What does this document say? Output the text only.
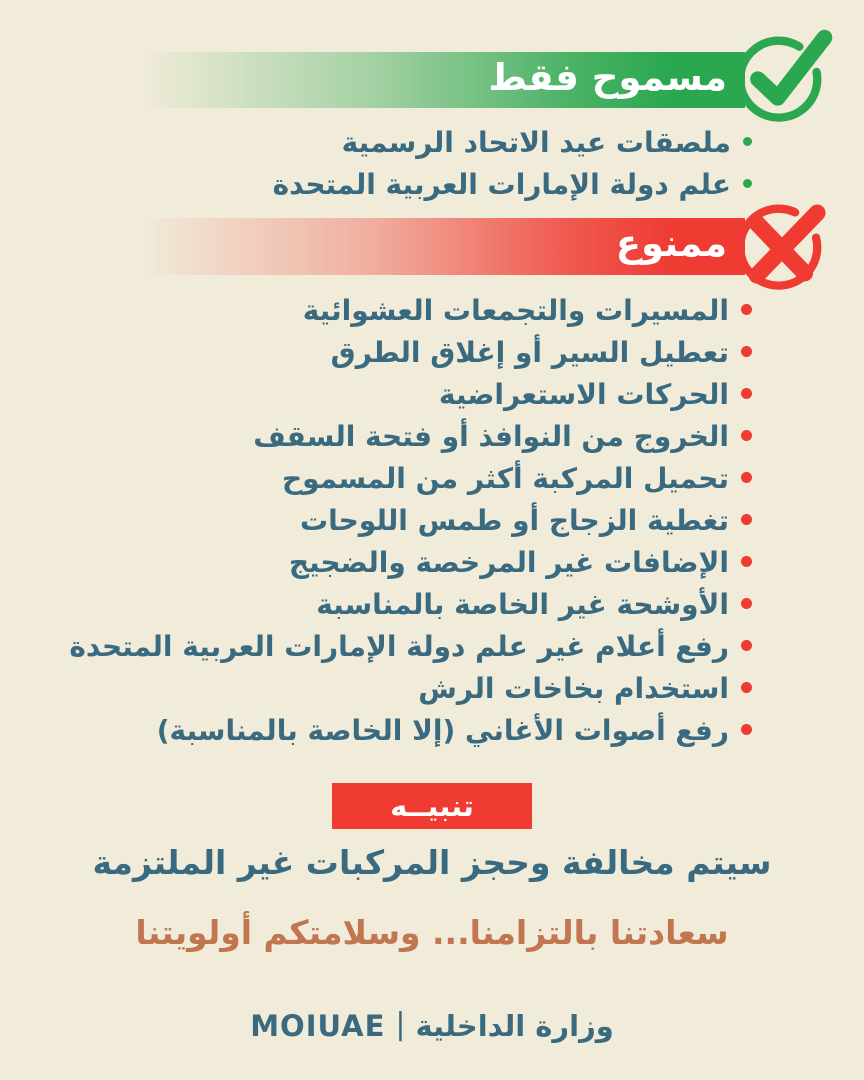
مسموح فقط
ملصقات عيد الاتحاد الرسمية
علم دولة الإمارات العربية المتحدة
ممنوع
المسيرات والتجمعات العشوائية
تعطيل السير أو إغلاق الطرق
الحركات الاستعراضية
الخروج من النوافذ أو فتحة السقف
تحميل المركبة أكثر من المسموح
تغطية الزجاج أو طمس اللوحات
الإضافات غير المرخصة والضجيج
الأوشحة غير الخاصة بالمناسبة
رفع أعلام غير علم دولة الإمارات العربية المتحدة
استخدام بخاخات الرش
رفع أصوات الأغاني (إلا الخاصة بالمناسبة)
تنبيــه
سيتم مخالفة وحجز المركبات غير الملتزمة
سعادتنا بالتزامنا... وسلامتكم أولويتنا
وزارة الداخلية
|
MOIUAE
